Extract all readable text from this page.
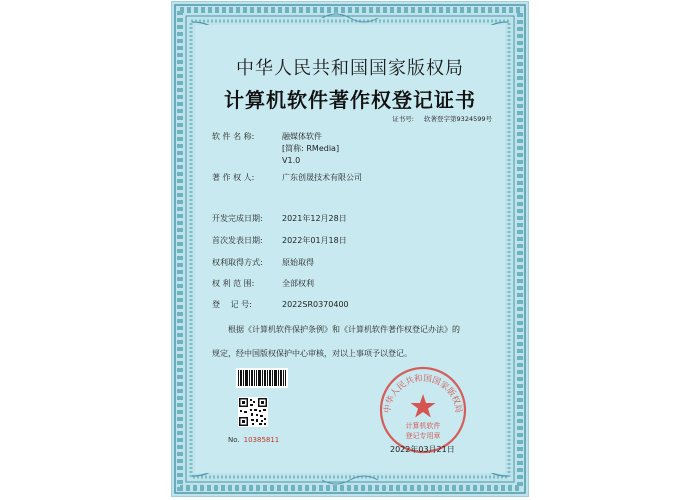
中华人民共和国国家版权局
计算机软件著作权登记证书
证书号: 软著登字第9324599号
软 件 名 称:	融媒体软件
[简称: RMedia]
V1.0
著 作 权 人:	广东创晟技术有限公司
开发完成日期: 2021年12月28日
首次发表日期: 2022年01月18日
权利取得方式: 原始取得
权 利 范 围:	全部权利
登　 记 号:	2022SR0370400
根据《计算机软件保护条例》和《计算机软件著作权登记办法》的
规定，经中国版权保护中心审核，对以上事项予以登记。
No. 10385811
中华人民共和国国家版权局
计算机软件
登记专用章
2022年03月21日
